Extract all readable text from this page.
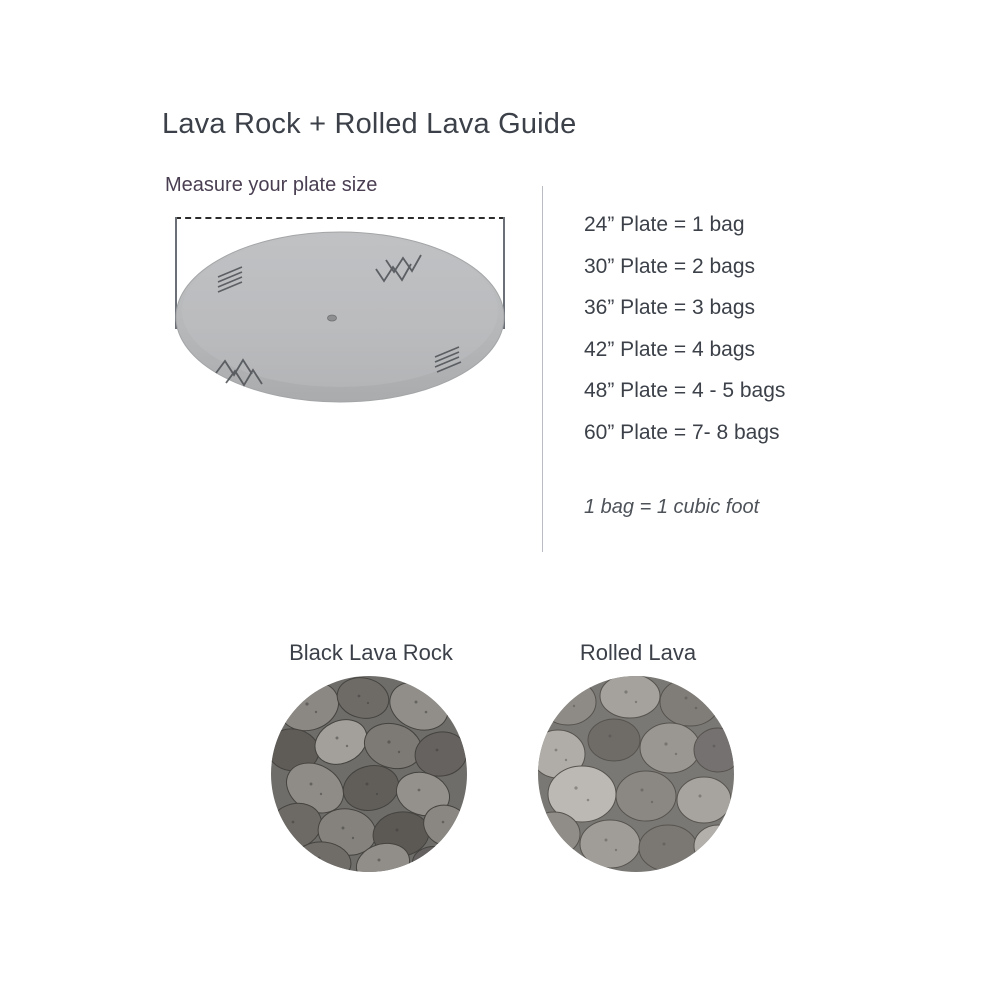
Lava Rock + Rolled Lava Guide
Measure your plate size
24” Plate = 1 bag
30” Plate = 2 bags
36” Plate = 3 bags
42” Plate = 4 bags
48” Plate = 4 - 5 bags
60” Plate = 7- 8 bags
1 bag = 1 cubic foot
Black Lava Rock	Rolled Lava
